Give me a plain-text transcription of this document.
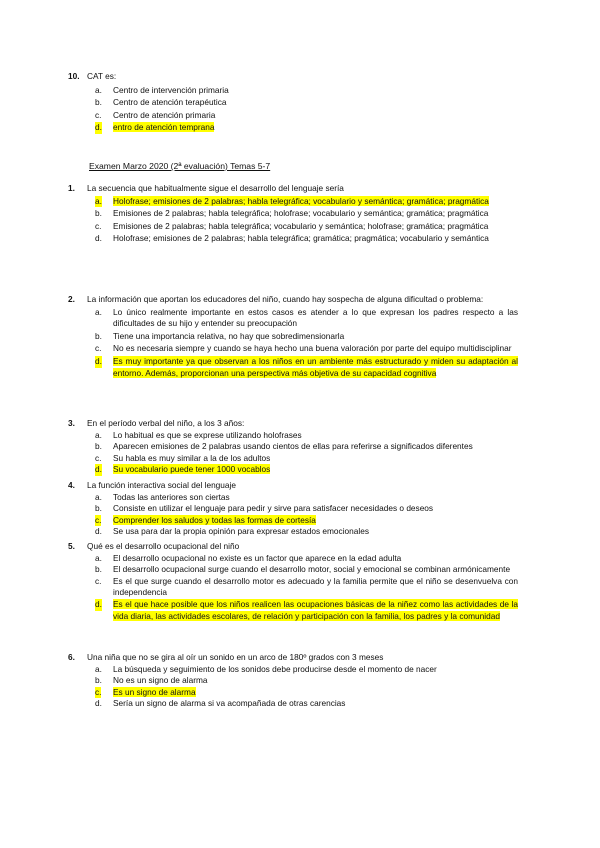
10. CAT es:
a. Centro de intervención primaria
b. Centro de atención terapéutica
c. Centro de atención primaria
d. entro de atención temprana
Examen Marzo 2020 (2ª evaluación) Temas 5-7
1. La secuencia que habitualmente sigue el desarrollo del lenguaje sería
a. Holofrase; emisiones de 2 palabras; habla telegráfica; vocabulario y semántica; gramática; pragmática
b. Emisiones de 2 palabras; habla telegráfica; holofrase; vocabulario y semántica; gramática; pragmática
c. Emisiones de 2 palabras; habla telegráfica; vocabulario y semántica; holofrase; gramática; pragmática
d. Holofrase; emisiones de 2 palabras; habla telegráfica; gramática; pragmática; vocabulario y semántica
2. La información que aportan los educadores del niño, cuando hay sospecha de alguna dificultad o problema:
a. Lo único realmente importante en estos casos es atender a lo que expresan los padres respecto a las dificultades de su hijo y entender su preocupación
b. Tiene una importancia relativa, no hay que sobredimensionarla
c. No es necesaria siempre y cuando se haya hecho una buena valoración por parte del equipo multidisciplinar
d. Es muy importante ya que observan a los niños en un ambiente más estructurado y miden su adaptación al entorno. Además, proporcionan una perspectiva más objetiva de su capacidad cognitiva
3. En el período verbal del niño, a los 3 años:
a. Lo habitual es que se exprese utilizando holofrases
b. Aparecen emisiones de 2 palabras usando cientos de ellas para referirse a significados diferentes
c. Su habla es muy similar a la de los adultos
d. Su vocabulario puede tener 1000 vocablos
4. La función interactiva social del lenguaje
a. Todas las anteriores son ciertas
b. Consiste en utilizar el lenguaje para pedir y sirve para satisfacer necesidades o deseos
c. Comprender los saludos y todas las formas de cortesía
d. Se usa para dar la propia opinión para expresar estados emocionales
5. Qué es el desarrollo ocupacional del niño
a. El desarrollo ocupacional no existe es un factor que aparece en la edad adulta
b. El desarrollo ocupacional surge cuando el desarrollo motor, social y emocional se combinan armónicamente
c. Es el que surge cuando el desarrollo motor es adecuado y la familia permite que el niño se desenvuelva con independencia
d. Es el que hace posible que los niños realicen las ocupaciones básicas de la niñez como las actividades de la vida diaria, las actividades escolares, de relación y participación con la familia, los padres y la comunidad
6. Una niña que no se gira al oír un sonido en un arco de 180º grados con 3 meses
a. La búsqueda y seguimiento de los sonidos debe producirse desde el momento de nacer
b. No es un signo de alarma
c. Es un signo de alarma
d. Sería un signo de alarma si va acompañada de otras carencias
